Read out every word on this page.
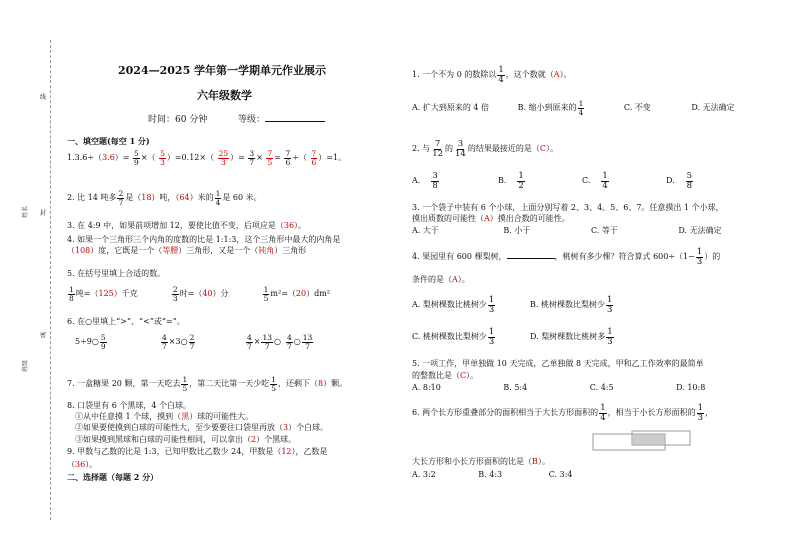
线
封
密
姓名
班级
2024—2025 学年第一学期单元作业展示
六年级数学
时间：60 分钟	等级：
一、填空题(每空 1 分)
$1.3.6\div(3.6)= \frac{5}{9}$ ×（ $\frac{5}{3} )=0.12\times( \frac{25}{3}$ ）= $\frac{3}{7} \times \frac{7}{5} = \frac{7}{6}$ ÷（ $\frac{7}{6} )=1$。
2. 比 14 吨多 $\frac{2}{7}$ 是（18）吨，（64）米的 $\frac{1}{4}$ 是 60 米。
3. 在 4:9 中，如果前项增加 12，要使比值不变，后项应是（36）。
4. 如果一个三角形三个内角的度数的比是 1:1:3，这个三角形中最大的内角是
（108）度，它既是一个（等腰）三角形，又是一个（钝角）三角形
5. 在括号里填上合适的数。
$\frac{1}{8}$ 吨=（125）千克	$\frac{2}{3}$ 时=（40）分	$\frac{1}{5} m^2=(20)dm^2$
6. 在○里填上“>”、“<”或“=”。
5÷9○ $\frac{5}{9}$	$\frac{4}{7}$ ×3○ $\frac{2}{7}$	$\frac{4}{7} \times \frac{13}{7}$ ○ $\frac{4}{7}$ ○ $\frac{13}{7}$
7. 一盒糖果 20 颗，第一天吃去 $\frac{1}{5}$ ，第二天比第一天少吃 $\frac{1}{5}$ ，还剩下（8）颗。
8. 口袋里有 6 个黑球，4 个白球。
①从中任意摸 1 个球，摸到（黑）球的可能性大。
②如果要使摸到白球的可能性大，至少要要往口袋里再放（3）个白球。
③如果摸到黑球和白球的可能性相同，可以拿出（2）个黑球。
9. 甲数与乙数的比是 1:3，已知甲数比乙数少 24，甲数是（12），乙数是
（36）。
二、选择题（每题 2 分）
1. 一个不为 0 的数除以 $\frac{1}{4}$ ，这个数就（A）。
A. 扩大到原来的 4 倍	B. 缩小到原来的 $\frac{1}{4}$	C. 不变	D. 无法确定
2. 与 $\frac{7}{12}$ 的 $\frac{3}{14}$ 的结果最接近的是（C）。
A. $\frac{3}{8}$	B. $\frac{1}{2}$	C. $\frac{1}{4}$	D. $\frac{5}{8}$
3. 一个袋子中装有 6 个小球，上面分别写着 2、3、4、5、6、7。任意摸出 1 个小球，
摸出质数的可能性（A）摸出合数的可能性。
A. 大于	B. 小于	C. 等于	D. 无法确定
4. 果园里有 600 棵梨树，	，桃树有多少棵？符合算式 $600\div(1- \frac{1}{3}$ ）的
条件的是（A）。
A. 梨树棵数比桃树少 $\frac{1}{3}$	B. 桃树棵数比梨树少 $\frac{1}{3}$
C. 桃树棵数比梨树少 $\frac{1}{3}$	D. 梨树棵数比桃树多 $\frac{1}{3}$
5. 一项工作，甲单独做 10 天完成，乙单独做 8 天完成，甲和乙工作效率的最简单
的整数比是（C）。
A. 8:10	B. 5:4	C. 4:5	D. 10:8
6. 两个长方形重叠部分的面积相当于大长方形面积的 $\frac{1}{4}$ ，相当于小长方形面积的 $\frac{1}{3}$ ，
大长方形和小长方形面积的比是（B）。
A. 3:2	B. 4:3	C. 3:4
